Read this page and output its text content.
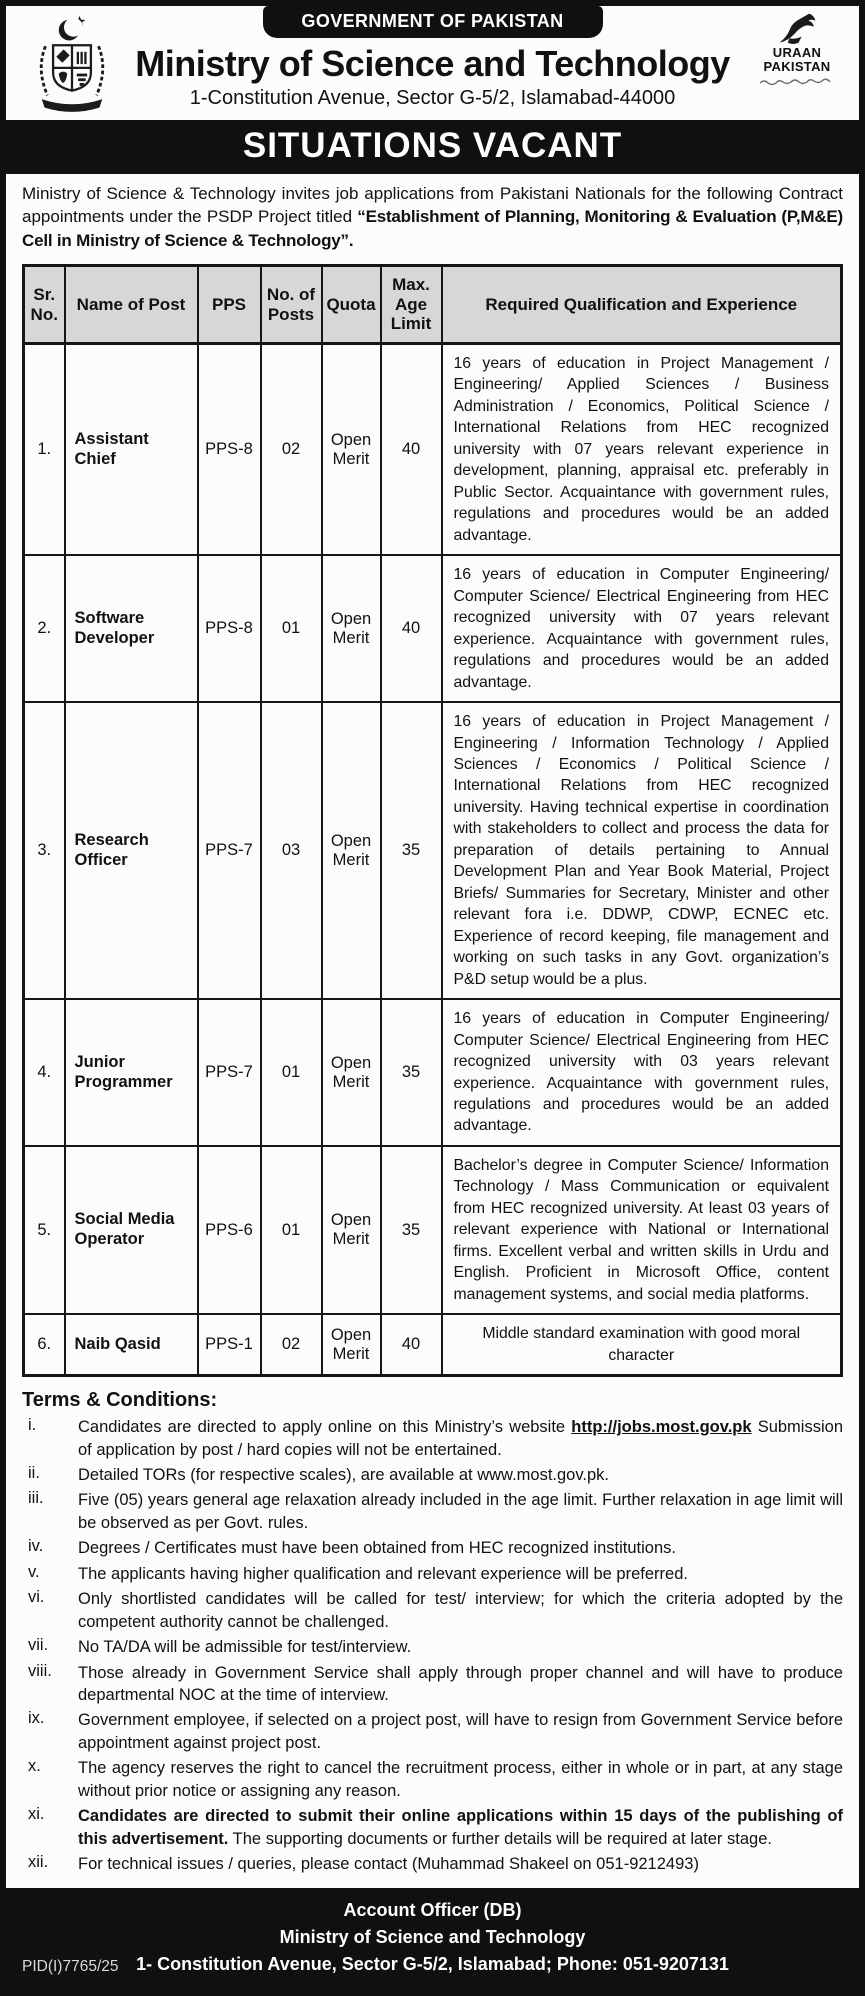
GOVERNMENT OF PAKISTAN
Ministry of Science and Technology
1-Constitution Avenue, Sector G-5/2, Islamabad-44000
URAAN
PAKISTAN
SITUATIONS VACANT
Ministry of Science & Technology invites job applications from Pakistani Nationals for the following Contract appointments under the PSDP Project titled “Establishment of Planning, Monitoring & Evaluation (P,M&E) Cell in Ministry of Science & Technology”.
Sr. No.	Name of Post	PPS	No. of Posts	Quota	Max. Age Limit	Required Qualification and Experience
1.	Assistant Chief	PPS-8	02	Open Merit	40	16 years of education in Project Management / Engineering/ Applied Sciences / Business Administration / Economics, Political Science / International Relations from HEC recognized university with 07 years relevant experience in development, planning, appraisal etc. preferably in Public Sector. Acquaintance with government rules, regulations and procedures would be an added advantage.
2.	Software Developer	PPS-8	01	Open Merit	40	16 years of education in Computer Engineering/ Computer Science/ Electrical Engineering from HEC recognized university with 07 years relevant experience. Acquaintance with government rules, regulations and procedures would be an added advantage.
3.	Research Officer	PPS-7	03	Open Merit	35	16 years of education in Project Management / Engineering / Information Technology / Applied Sciences / Economics / Political Science / International Relations from HEC recognized university. Having technical expertise in coordination with stakeholders to collect and process the data for preparation of details pertaining to Annual Development Plan and Year Book Material, Project Briefs/ Summaries for Secretary, Minister and other relevant fora i.e. DDWP, CDWP, ECNEC etc. Experience of record keeping, file management and working on such tasks in any Govt. organization’s P&D setup would be a plus.
4.	Junior Programmer	PPS-7	01	Open Merit	35	16 years of education in Computer Engineering/ Computer Science/ Electrical Engineering from HEC recognized university with 03 years relevant experience. Acquaintance with government rules, regulations and procedures would be an added advantage.
5.	Social Media Operator	PPS-6	01	Open Merit	35	Bachelor’s degree in Computer Science/ Information Technology / Mass Communication or equivalent from HEC recognized university. At least 03 years of relevant experience with National or International firms. Excellent verbal and written skills in Urdu and English. Proficient in Microsoft Office, content management systems, and social media platforms.
6.	Naib Qasid	PPS-1	02	Open Merit	40	Middle standard examination with good moral character
Terms & Conditions:
i.	Candidates are directed to apply online on this Ministry’s website http://jobs.most.gov.pk Submission of application by post / hard copies will not be entertained.
ii.	Detailed TORs (for respective scales), are available at www.most.gov.pk.
iii.	Five (05) years general age relaxation already included in the age limit. Further relaxation in age limit will be observed as per Govt. rules.
iv.	Degrees / Certificates must have been obtained from HEC recognized institutions.
v.	The applicants having higher qualification and relevant experience will be preferred.
vi.	Only shortlisted candidates will be called for test/ interview; for which the criteria adopted by the competent authority cannot be challenged.
vii.	No TA/DA will be admissible for test/interview.
viii.	Those already in Government Service shall apply through proper channel and will have to produce departmental NOC at the time of interview.
ix.	Government employee, if selected on a project post, will have to resign from Government Service before appointment against project post.
x.	The agency reserves the right to cancel the recruitment process, either in whole or in part, at any stage without prior notice or assigning any reason.
xi.	Candidates are directed to submit their online applications within 15 days of the publishing of this advertisement. The supporting documents or further details will be required at later stage.
xii.	For technical issues / queries, please contact (Muhammad Shakeel on 051-9212493)
PID(I)7765/25
Account Officer (DB)
Ministry of Science and Technology
1- Constitution Avenue, Sector G-5/2, Islamabad; Phone: 051-9207131
